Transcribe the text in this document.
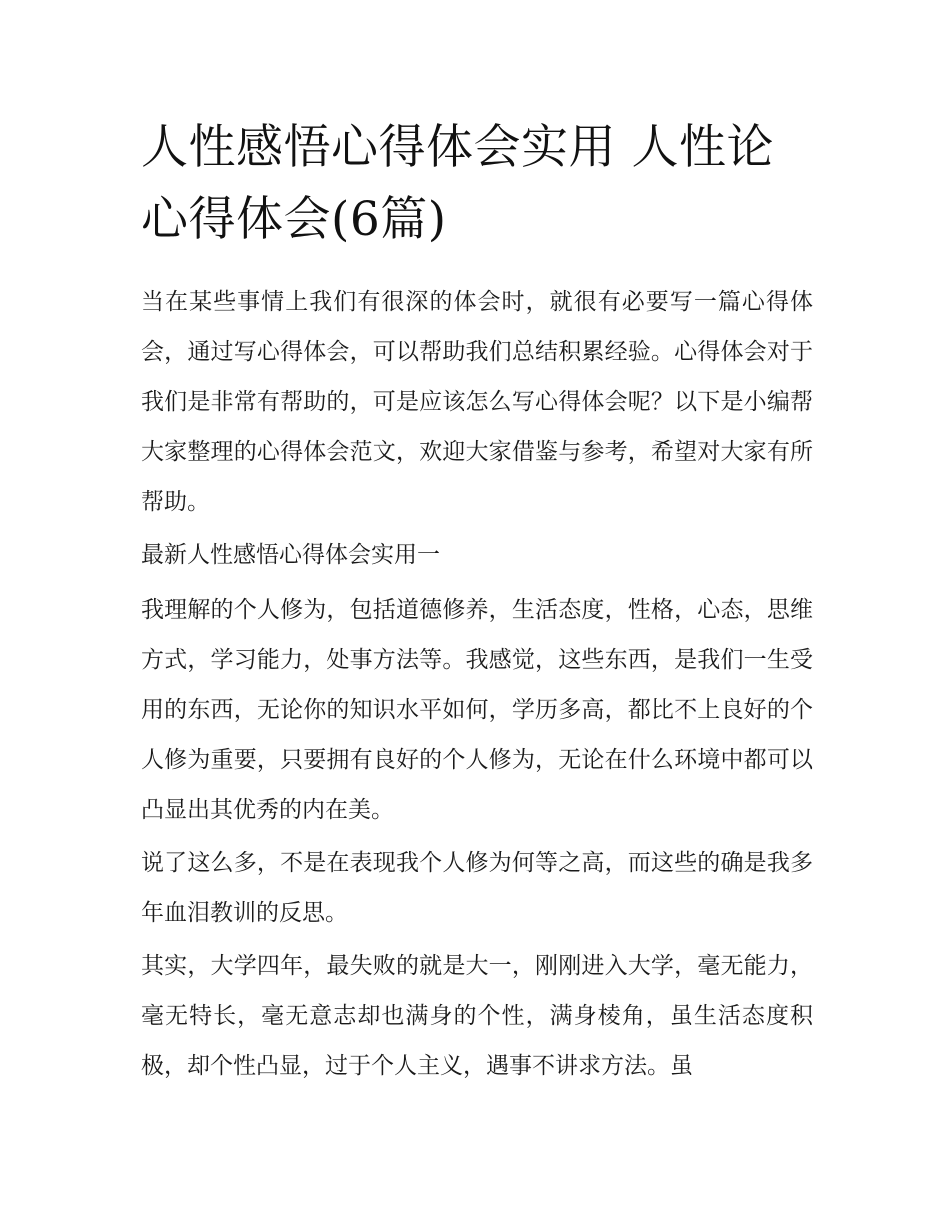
人性感悟心得体会实用 人性论心得体会(6篇)

当在某些事情上我们有很深的体会时，就很有必要写一篇心得体会，通过写心得体会，可以帮助我们总结积累经验。心得体会对于我们是非常有帮助的，可是应该怎么写心得体会呢？以下是小编帮大家整理的心得体会范文，欢迎大家借鉴与参考，希望对大家有所帮助。

最新人性感悟心得体会实用一

我理解的个人修为，包括道德修养，生活态度，性格，心态，思维方式，学习能力，处事方法等。我感觉，这些东西，是我们一生受用的东西，无论你的知识水平如何，学历多高，都比不上良好的个人修为重要，只要拥有良好的个人修为，无论在什么环境中都可以凸显出其优秀的内在美。

说了这么多，不是在表现我个人修为何等之高，而这些的确是我多年血泪教训的反思。

其实，大学四年，最失败的就是大一，刚刚进入大学，毫无能力，毫无特长，毫无意志却也满身的个性，满身棱角，虽生活态度积极，却个性凸显，过于个人主义，遇事不讲求方法。虽
